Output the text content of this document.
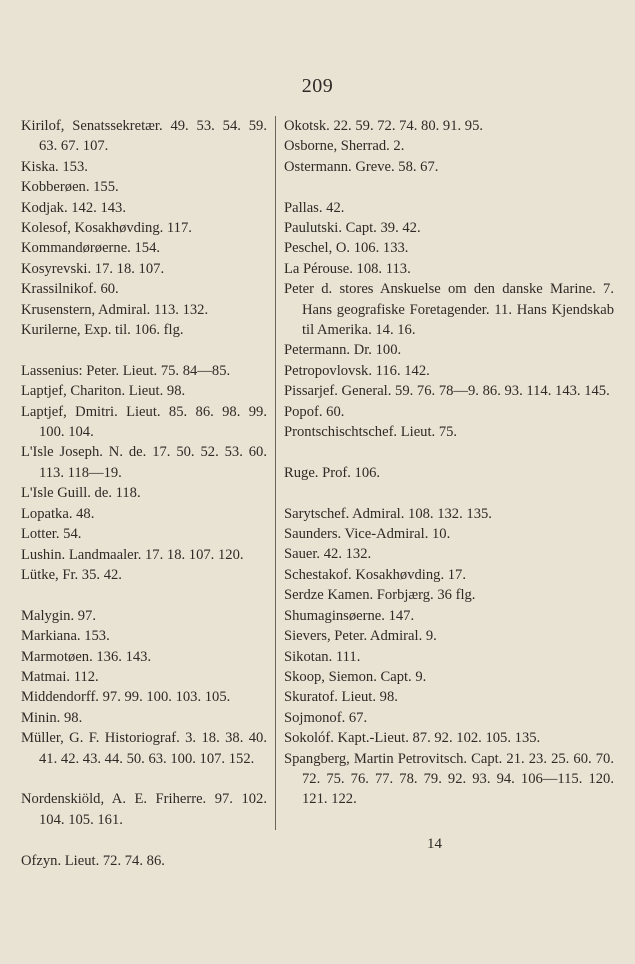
209
Kirilof, Senatssekretær. 49. 53. 54. 59. 63. 67. 107.
Kiska. 153.
Kobberøen. 155.
Kodjak. 142. 143.
Kolesof, Kosakhøvding. 117.
Kommandørøerne. 154.
Kosyrevski. 17. 18. 107.
Krassilnikof. 60.
Krusenstern, Admiral. 113. 132.
Kurilerne, Exp. til. 106. flg.
Lassenius: Peter. Lieut. 75. 84—85.
Laptjef, Chariton. Lieut. 98.
Laptjef, Dmitri. Lieut. 85. 86. 98. 99. 100. 104.
L'Isle Joseph. N. de. 17. 50. 52. 53. 60. 113. 118—19.
L'Isle Guill. de. 118.
Lopatka. 48.
Lotter. 54.
Lushin. Landmaaler. 17. 18. 107. 120.
Lütke, Fr. 35. 42.
Malygin. 97.
Markiana. 153.
Marmotøen. 136. 143.
Matmai. 112.
Middendorff. 97. 99. 100. 103. 105.
Minin. 98.
Müller, G. F. Historiograf. 3. 18. 38. 40. 41. 42. 43. 44. 50. 63. 100. 107. 152.
Nordenskiöld, A. E. Friherre. 97. 102. 104. 105. 161.
Ofzyn. Lieut. 72. 74. 86.
Okotsk. 22. 59. 72. 74. 80. 91. 95.
Osborne, Sherrad. 2.
Ostermann. Greve. 58. 67.
Pallas. 42.
Paulutski. Capt. 39. 42.
Peschel, O. 106. 133.
La Pérouse. 108. 113.
Peter d. stores Anskuelse om den danske Marine. 7. Hans geografiske Foretagender. 11. Hans Kjendskab til Amerika. 14. 16.
Petermann. Dr. 100.
Petropovlovsk. 116. 142.
Pissarjef. General. 59. 76. 78—9. 86. 93. 114. 143. 145.
Popof. 60.
Prontschischtschef. Lieut. 75.
Ruge. Prof. 106.
Sarytschef. Admiral. 108. 132. 135.
Saunders. Vice-Admiral. 10.
Sauer. 42. 132.
Schestakof. Kosakhøvding. 17.
Serdze Kamen. Forbjærg. 36 flg.
Shumaginsøerne. 147.
Sievers, Peter. Admiral. 9.
Sikotan. 111.
Skoop, Siemon. Capt. 9.
Skuratof. Lieut. 98.
Sojmonof. 67.
Sokolóf. Kapt.-Lieut. 87. 92. 102. 105. 135.
Spangberg, Martin Petrovitsch. Capt. 21. 23. 25. 60. 70. 72. 75. 76. 77. 78. 79. 92. 93. 94. 106—115. 120. 121. 122.
14
